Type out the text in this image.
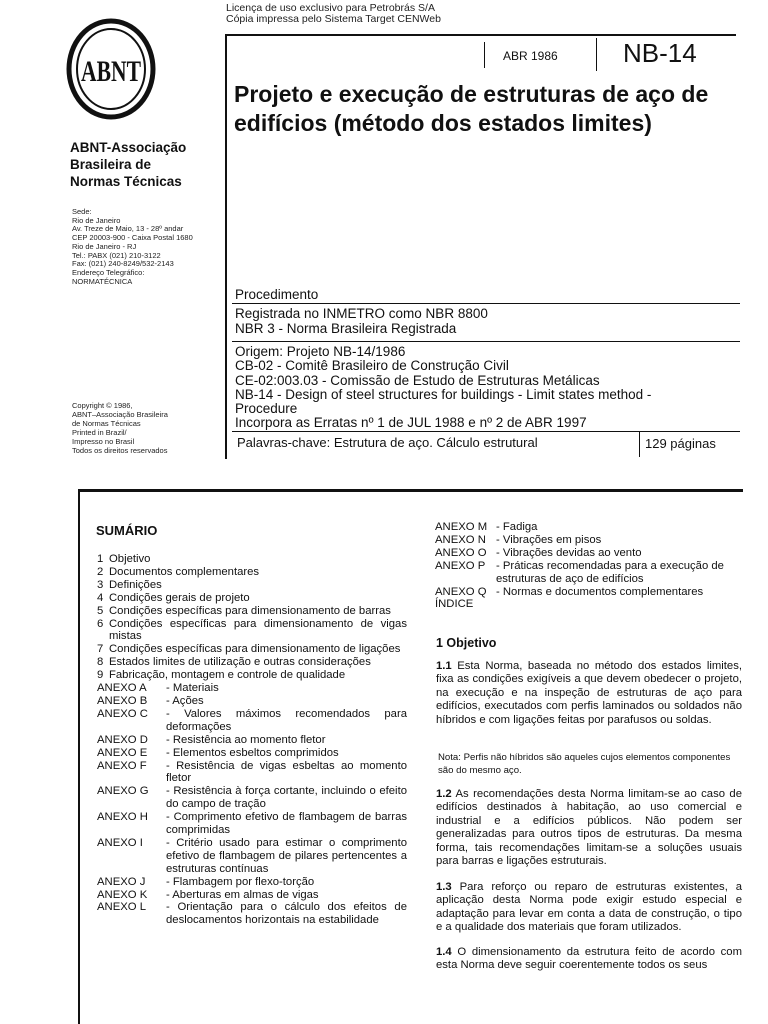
Licença de uso exclusivo para Petrobrás S/A
Cópia impressa pelo Sistema Target CENWeb
ABNT
ABNT-Associação
Brasileira de
Normas Técnicas
Sede:
Rio de Janeiro
Av. Treze de Maio, 13 - 28º andar
CEP 20003-900 - Caixa Postal 1680
Rio de Janeiro - RJ
Tel.: PABX (021) 210-3122
Fax: (021) 240-8249/532-2143
Endereço Telegráfico:
NORMATÉCNICA
Copyright © 1986,
ABNT–Associação Brasileira
de Normas Técnicas
Printed in Brazil/
Impresso no Brasil
Todos os direitos reservados
ABR 1986	NB-14
Projeto e execução de estruturas de aço de edifícios (método dos estados limites)
Procedimento
Registrada no INMETRO como NBR 8800
NBR 3 - Norma Brasileira Registrada
Origem: Projeto NB-14/1986
CB-02 - Comitê Brasileiro de Construção Civil
CE-02:003.03 - Comissão de Estudo de Estruturas Metálicas
NB-14 - Design of steel structures for buildings - Limit states method -
Procedure
Incorpora as Erratas nº 1 de JUL 1988 e nº 2 de ABR 1997
Palavras-chave: Estrutura de aço. Cálculo estrutural	129 páginas
SUMÁRIO
1 Objetivo
2 Documentos complementares
3 Definições
4 Condições gerais de projeto
5 Condições específicas para dimensionamento de barras
6 Condições específicas para dimensionamento de vigas mistas
7 Condições específicas para dimensionamento de ligações
8 Estados limites de utilização e outras considerações
9 Fabricação, montagem e controle de qualidade
ANEXO A	- Materiais
ANEXO B	- Ações
ANEXO C	- Valores máximos recomendados para deformações
ANEXO D	- Resistência ao momento fletor
ANEXO E	- Elementos esbeltos comprimidos
ANEXO F	- Resistência de vigas esbeltas ao momento fletor
ANEXO G	- Resistência à força cortante, incluindo o efeito do campo de tração
ANEXO H	- Comprimento efetivo de flambagem de barras comprimidas
ANEXO I	- Critério usado para estimar o comprimento efetivo de flambagem de pilares pertencentes a estruturas contínuas
ANEXO J	- Flambagem por flexo-torção
ANEXO K	- Aberturas em almas de vigas
ANEXO L	- Orientação para o cálculo dos efeitos de deslocamentos horizontais na estabilidade
ANEXO M - Fadiga
ANEXO N - Vibrações em pisos
ANEXO O - Vibrações devidas ao vento
ANEXO P - Práticas recomendadas para a execução de estruturas de aço de edifícios
ANEXO Q - Normas e documentos complementares
ÍNDICE
1 Objetivo

1.1 Esta Norma, baseada no método dos estados limites, fixa as condições exigíveis a que devem obedecer o projeto, na execução e na inspeção de estruturas de aço para edifícios, executados com perfis laminados ou soldados não híbridos e com ligações feitas por parafusos ou soldas.

Nota: Perfis não híbridos são aqueles cujos elementos componentes são do mesmo aço.

1.2 As recomendações desta Norma limitam-se ao caso de edifícios destinados à habitação, ao uso comercial e industrial e a edifícios públicos. Não podem ser generalizadas para outros tipos de estruturas. Da mesma forma, tais recomendações limitam-se a soluções usuais para barras e ligações estruturais.

1.3 Para reforço ou reparo de estruturas existentes, a aplicação desta Norma pode exigir estudo especial e adaptação para levar em conta a data de construção, o tipo e a qualidade dos materiais que foram utilizados.

1.4 O dimensionamento da estrutura feito de acordo com esta Norma deve seguir coerentemente todos os seus
